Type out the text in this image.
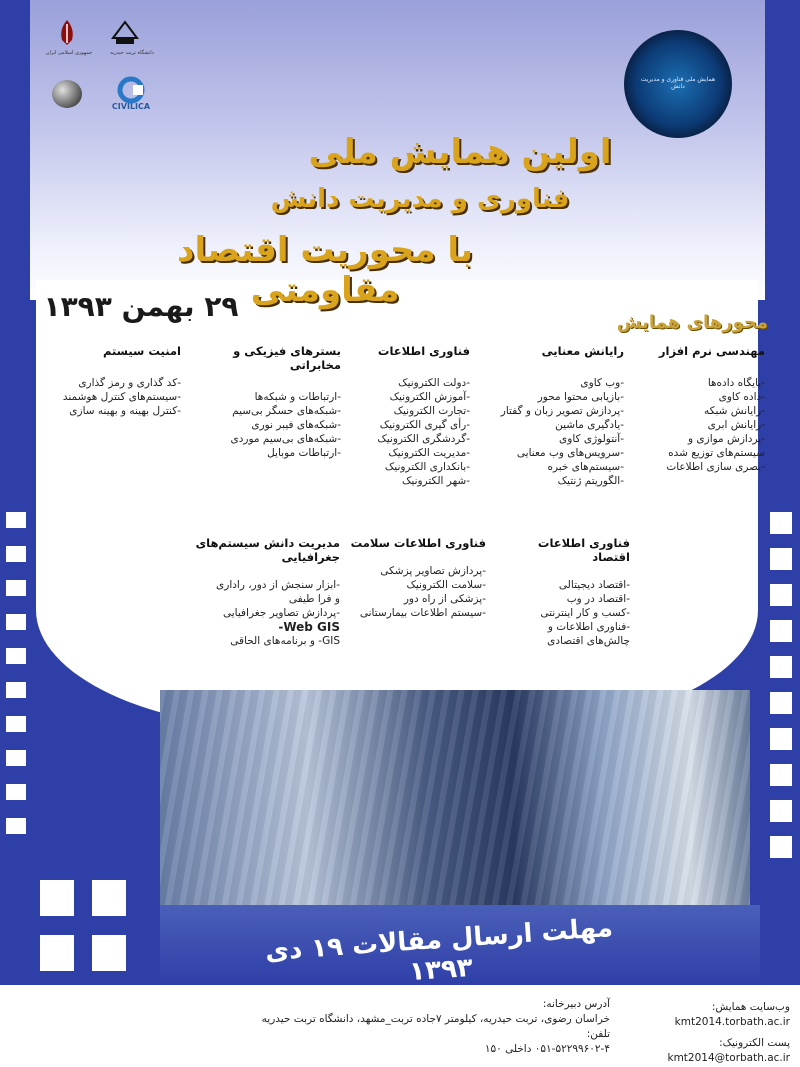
مهلت ارسال مقالات ۱۹ دی ۱۳۹۳
جمهوری اسلامی ایران	دانشگاه تربت حیدریه
CIVILICA
همایش ملی فناوری و مدیریت دانش
اولین همایش ملی
فناوری و مدیریت دانش
با محوریت اقتصاد مقاومتی
۲۹ بهمن ۱۳۹۳	محورهای همایش
مهندسی نرم افزار
-پایگاه داده‌ها
-داده کاوی
-رایانش شبکه
-رایانش ابری
-پردازش موازی و
سیستم‌های توزیع شده
-بصری سازی اطلاعات
رایانش معنایی
-وب کاوی
-بازیابی محتوا محور
-پردازش تصویر زبان و گفتار
-یادگیری ماشین
-آنتولوژی کاوی
-سرویس‌های وب معنایی
-سیستم‌های خبره
-الگوریتم ژنتیک
فناوری اطلاعات
-دولت الکترونیک
-آموزش الکترونیک
-تجارت الکترونیک
-رأی گیری الکترونیک
-گردشگری الکترونیک
-مدیریت الکترونیک
-بانکداری الکترونیک
-شهر الکترونیک
بسترهای فیزیکی و مخابراتی
-ارتباطات و شبکه‌ها
-شبکه‌های حسگر بی‌سیم
-شبکه‌های فیبر نوری
-شبکه‌های بی‌سیم موردی
-ارتباطات موبایل
امنیت سیستم
-کد گذاری و رمز گذاری
-سیستم‌های کنترل هوشمند
-کنترل بهینه و بهینه سازی
فناوری اطلاعات اقتصاد
-اقتصاد دیجیتالی
-اقتصاد در وب
-کسب و کار اینترنتی
-فناوری اطلاعات و
چالش‌های اقتصادی
فناوری اطلاعات سلامت
-پردازش تصاویر پزشکی
-سلامت الکترونیک
-پزشکی از راه دور
-سیستم اطلاعات بیمارستانی
مدیریت دانش سیستم‌های جغرافیایی
-ابزار سنجش از دور، راداری
و فرا طیفی
-پردازش تصاویر جغرافیایی
Web GIS-
GIS- و برنامه‌های الحاقی
وب‌سایت همایش:
kmt2014.torbath.ac.ir
پست الکترونیک:
kmt2014@torbath.ac.ir
آدرس دبیرخانه:
خراسان رضوی، تربت حیدریه، کیلومتر ۷جاده تربت_مشهد، دانشگاه تربت حیدریه
تلفن:
۰۵۱-۵۲۲۹۹۶۰۲-۴ داخلی ۱۵۰
